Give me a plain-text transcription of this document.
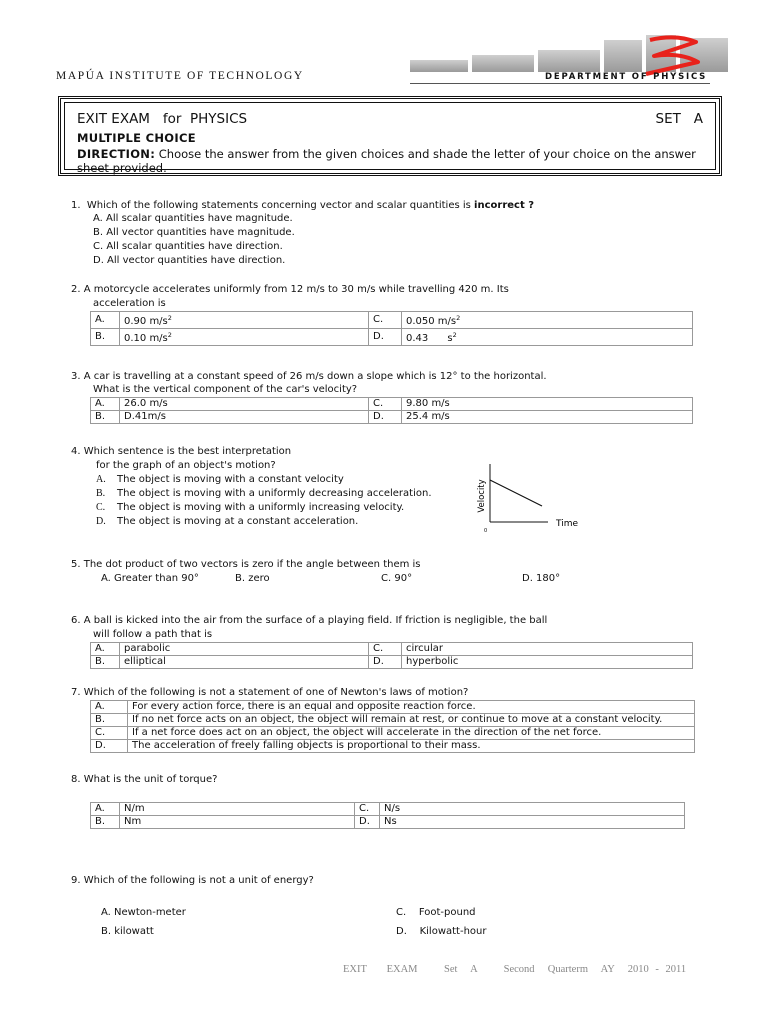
MAPÚA INSTITUTE OF TECHNOLOGY	DEPARTMENT OF PHYSICS
EXIT EXAM   for  PHYSICS	SET   A
MULTIPLE CHOICE
DIRECTION: Choose the answer from the given choices and shade the letter of your choice on the answer sheet provided.
1.  Which of the following statements concerning vector and scalar quantities is incorrect ?
A. All scalar quantities have magnitude.
B. All vector quantities have magnitude.
C. All scalar quantities have direction.
D. All vector quantities have direction.
2. A motorcycle accelerates uniformly from 12 m/s to 30 m/s while travelling 420 m. Its
acceleration is
A.	0.90 $m/s^2$	C.	0.050 $m/s^2$
B.	0.10 $m/s^2$	D.	0.43      $s^2$
3. A car is travelling at a constant speed of 26 m/s down a slope which is 12° to the horizontal.
What is the vertical component of the car's velocity?
A.	26.0 m/s	C.	9.80 m/s
B.	D.41m/s	D.	25.4 m/s
4. Which sentence is the best interpretation
for the graph of an object's motion?
A. The object is moving with a constant velocity
B. The object is moving with a uniformly decreasing acceleration.
C. The object is moving with a uniformly increasing velocity.
D. The object is moving at a constant acceleration.
Velocity
Time
0
5. The dot product of two vectors is zero if the angle between them is
A. Greater than 90°	B. zero	C. 90°	D. 180°
6. A ball is kicked into the air from the surface of a playing field. If friction is negligible, the ball
will follow a path that is
A.	parabolic	C.	circular
B.	elliptical	D.	hyperbolic
7. Which of the following is not a statement of one of Newton's laws of motion?
A.	For every action force, there is an equal and opposite reaction force.
B.	If no net force acts on an object, the object will remain at rest, or continue to move at a constant velocity.
C.	If a net force does act on an object, the object will accelerate in the direction of the net force.
D.	The acceleration of freely falling objects is proportional to their mass.
8. What is the unit of torque?
A.	N/m	C.	N/s
B.	Nm	D.	Ns
9. Which of the following is not a unit of energy?
A. Newton-meter
B. kilowatt
C.    Foot-pound
D.    Kilowatt-hour
EXIT   EXAM    Set  A    Second  Quarterm  AY  2010 - 2011
